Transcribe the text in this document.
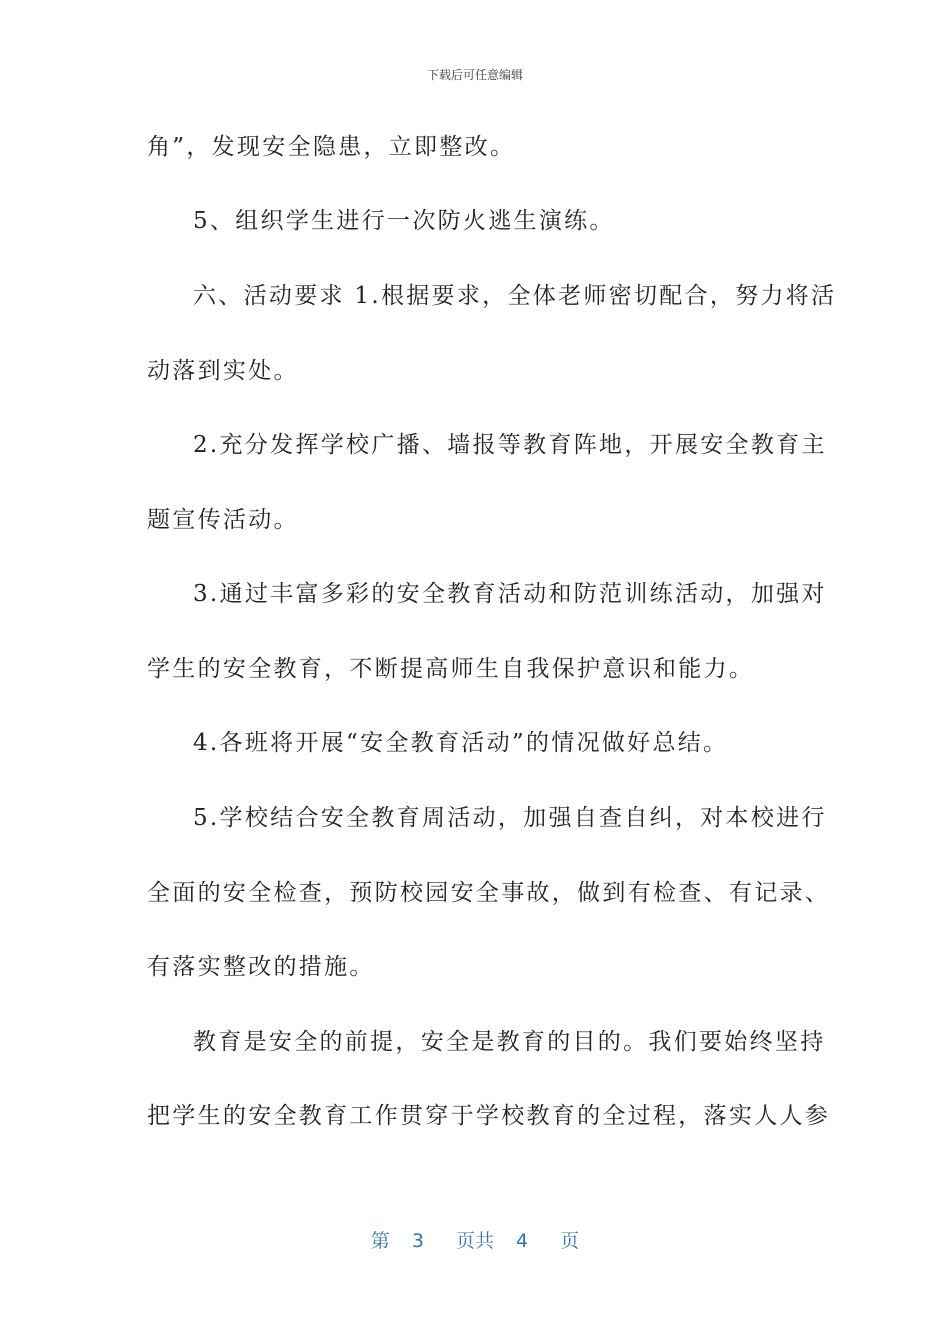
下载后可任意编辑
角”，发现安全隐患，立即整改。
5、组织学生进行一次防火逃生演练。
六、活动要求 1.根据要求，全体老师密切配合，努力将活
动落到实处。
2.充分发挥学校广播、墙报等教育阵地，开展安全教育主
题宣传活动。
3.通过丰富多彩的安全教育活动和防范训练活动，加强对
学生的安全教育，不断提高师生自我保护意识和能力。
4.各班将开展“安全教育活动”的情况做好总结。
5.学校结合安全教育周活动，加强自查自纠，对本校进行
全面的安全检查，预防校园安全事故，做到有检查、有记录、
有落实整改的措施。
教育是安全的前提，安全是教育的目的。我们要始终坚持
把学生的安全教育工作贯穿于学校教育的全过程，落实人人参
第 3 页共 4 页
